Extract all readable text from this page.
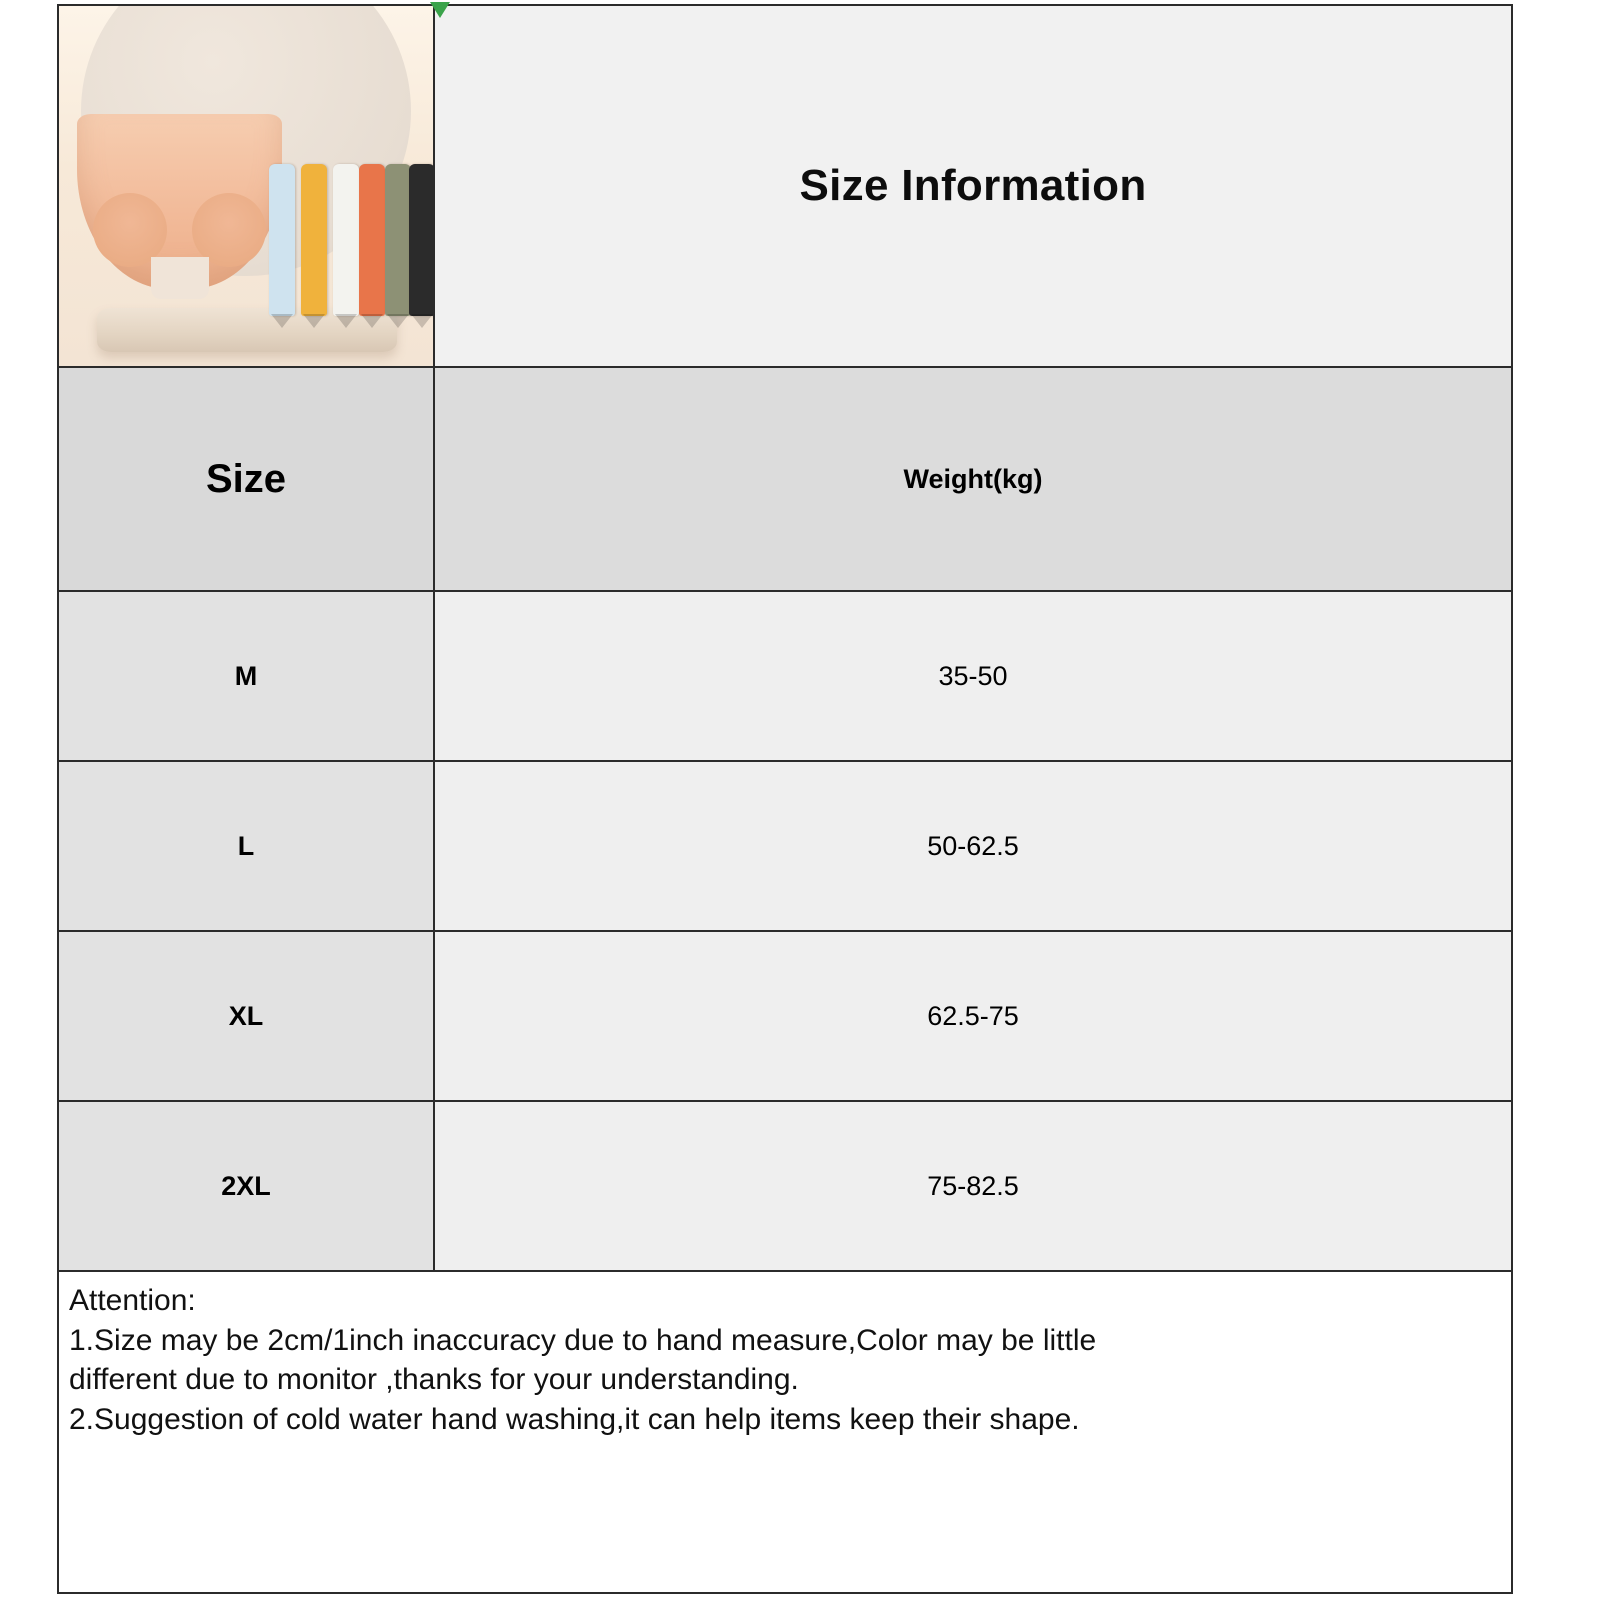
	Size Information

Size	Weight(kg)
M	35-50
L	50-62.5
XL	62.5-75
2XL	75-82.5

Attention:

1.Size may be 2cm/1inch inaccuracy due to hand measure,Color may be little

different due to monitor ,thanks for your understanding.

2.Suggestion of cold water hand washing,it can help items keep their shape.	
